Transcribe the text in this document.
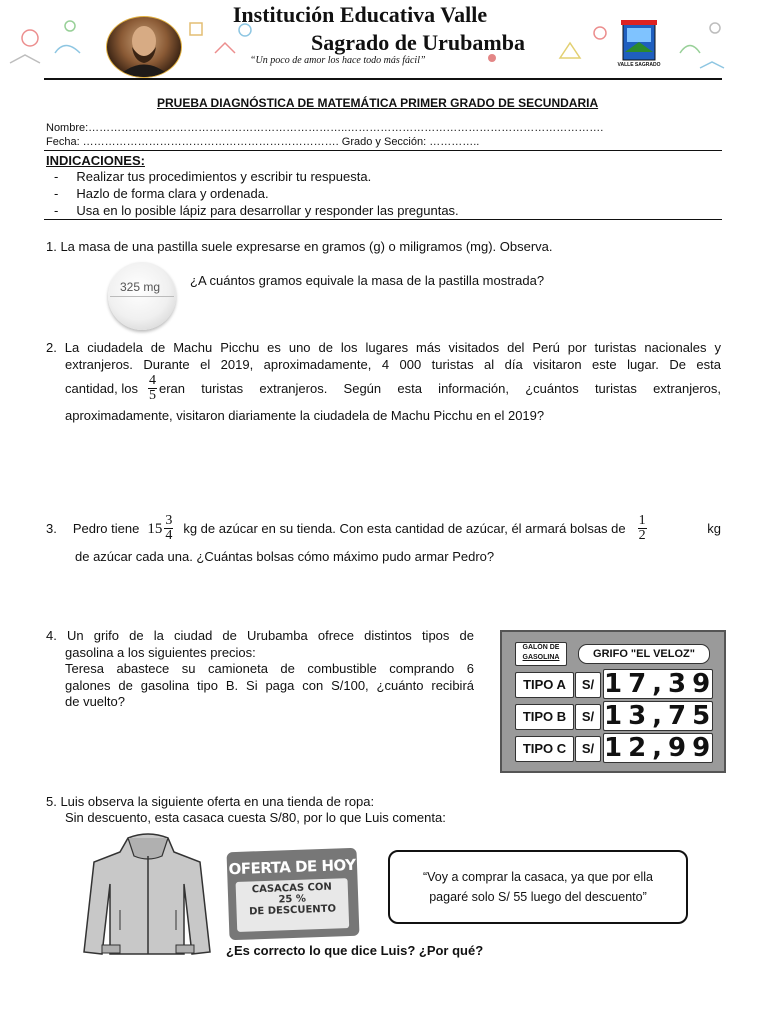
Institución Educativa Valle
Sagrado de Urubamba
“Un poco de amor los hace todo más fácil”	VALLE SAGRADO
PRUEBA DIAGNÓSTICA DE MATEMÁTICA PRIMER GRADO DE SECUNDARIA
Nombre:……………………………………………………………..…………………………………………………………….
Fecha: ……………………………………………………………. Grado y Sección: …………..
INDICACIONES:
-     Realizar tus procedimientos y escribir tu respuesta.
-     Hazlo de forma clara y ordenada.
-     Usa en lo posible lápiz para desarrollar y responder las preguntas.
1. La masa de una pastilla suele expresarse en gramos (g) o miligramos (mg). Observa.
325 mg ¿A cuántos gramos equivale la masa de la pastilla mostrada?
2. La ciudadela de Machu Picchu es uno de los lugares más visitados del Perú por turistas nacionales y
extranjeros. Durante el 2019, aproximadamente, 4 000 turistas al día visitaron este lugar. De esta
cantidad, los $\frac{4}{5}$ eran turistas extranjeros. Según esta información, ¿cuántos turistas extranjeros,
aproximadamente, visitaron diariamente la ciudadela de Machu Picchu en el 2019?
3. Pedro tiene $15 \frac{3}{4}$ kg de azúcar en su tienda. Con esta cantidad de azúcar, él armará bolsas de $\frac{1}{2}$	kg
de azúcar cada una. ¿Cuántas bolsas cómo máximo pudo armar Pedro?
4. Un grifo de la ciudad de Urubamba ofrece distintos tipos de
gasolina a los siguientes precios:
Teresa abastece su camioneta de combustible comprando 6
galones de gasolina tipo B. Si paga con S/100, ¿cuánto recibirá
de vuelto?
GALÓN DE
GASOLINA	GRIFO "EL VELOZ"
TIPO A	S/ 17,39
TIPO B	S/ 13,75
TIPO C	S/ 12,99
5. Luis observa la siguiente oferta en una tienda de ropa:
Sin descuento, esta casaca cuesta S/80, por lo que Luis comenta:
OFERTA DE HOY
CASACAS CON
25 %
DE DESCUENTO
“Voy a comprar la casaca, ya que por ella pagaré solo S/ 55 luego del descuento”
¿Es correcto lo que dice Luis? ¿Por qué?
